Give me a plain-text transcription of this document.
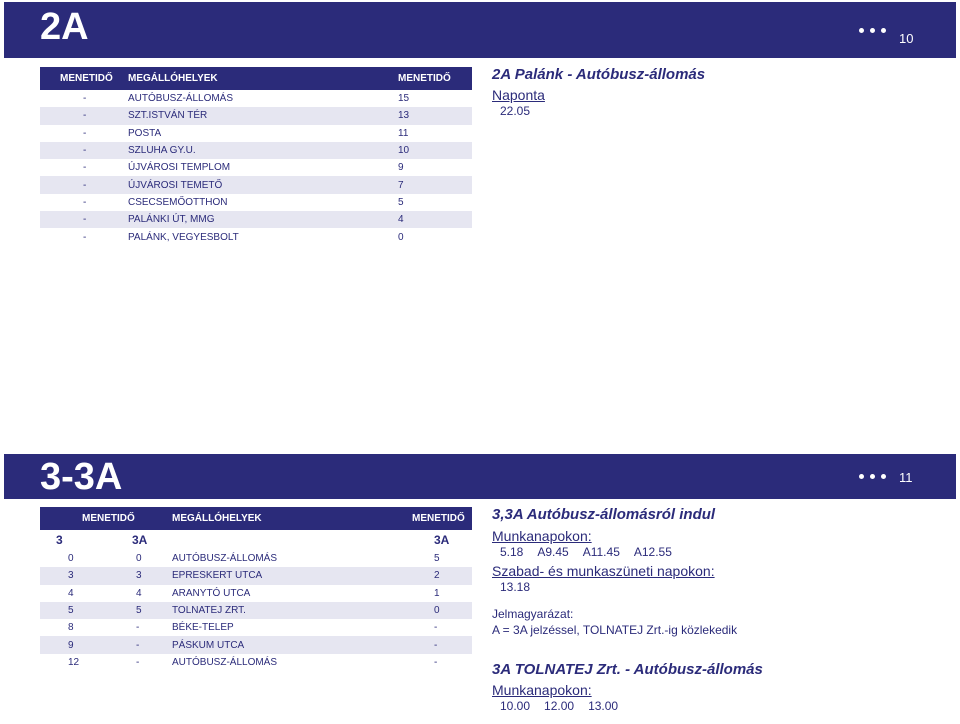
2A	10
MENETIDŐ	MEGÁLLÓHELYEK	MENETIDŐ
-	AUTÓBUSZ-ÁLLOMÁS	15
-	SZT.ISTVÁN TÉR	13
-	POSTA	11
-	SZLUHA GY.U.	10
-	ÚJVÁROSI TEMPLOM	9
-	ÚJVÁROSI TEMETŐ	7
-	CSECSEMŐOTTHON	5
-	PALÁNKI ÚT, MMG	4
-	PALÁNK, VEGYESBOLT	0
2A Palánk - Autóbusz-állomás
Naponta
22.05
3-3A	11
MENETIDŐ		MEGÁLLÓHELYEK	MENETIDŐ
3	3A		3A
0	0	AUTÓBUSZ-ÁLLOMÁS	5
3	3	EPRESKERT UTCA	2
4	4	ARANYTÓ UTCA	1
5	5	TOLNATEJ ZRT.	0
8	-	BÉKE-TELEP	-
9	-	PÁSKUM UTCA	-
12	-	AUTÓBUSZ-ÁLLOMÁS	-
3,3A Autóbusz-állomásról indul
Munkanapokon:
5.18 A9.45 A11.45 A12.55
Szabad- és munkaszüneti napokon:
13.18
Jelmagyarázat:
A = 3A jelzéssel, TOLNATEJ Zrt.-ig közlekedik
3A TOLNATEJ Zrt. - Autóbusz-állomás
Munkanapokon:
10.00 12.00 13.00
